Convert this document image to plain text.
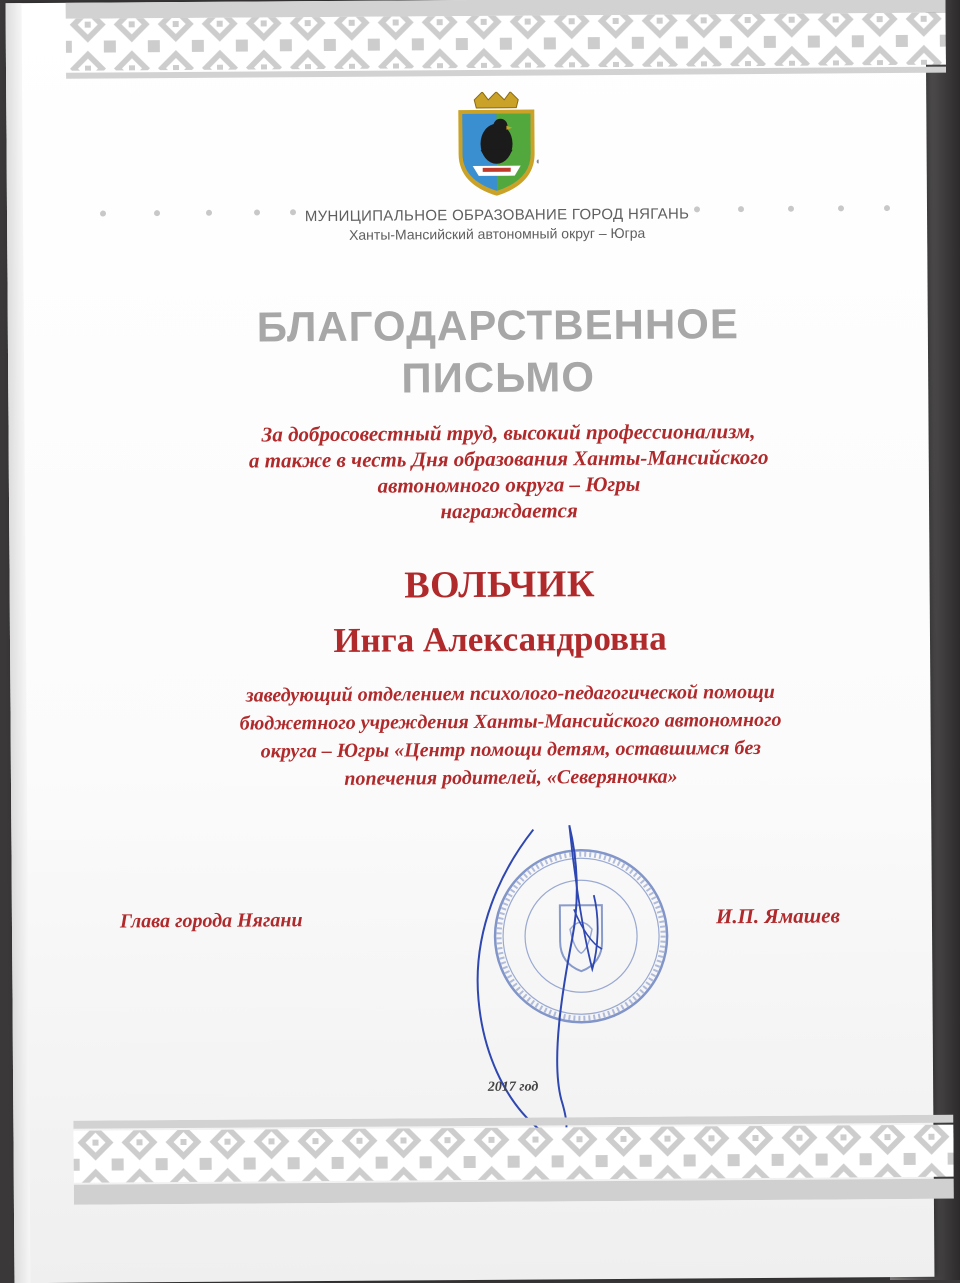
МУНИЦИПАЛЬНОЕ ОБРАЗОВАНИЕ ГОРОД НЯГАНЬ
Ханты-Мансийский автономный округ – Югра
БЛАГОДАРСТВЕННОЕ
ПИСЬМО
За добросовестный труд, высокий профессионализм,
а также в честь Дня образования Ханты-Мансийского
автономного округа – Югры
награждается
ВОЛЬЧИК
Инга Александровна
заведующий отделением психолого-педагогической помощи
бюджетного учреждения Ханты-Мансийского автономного
округа – Югры «Центр помощи детям, оставшимся без
попечения родителей, «Северяночка»
Глава города Нягани	И.П. Ямашев
2017 год
